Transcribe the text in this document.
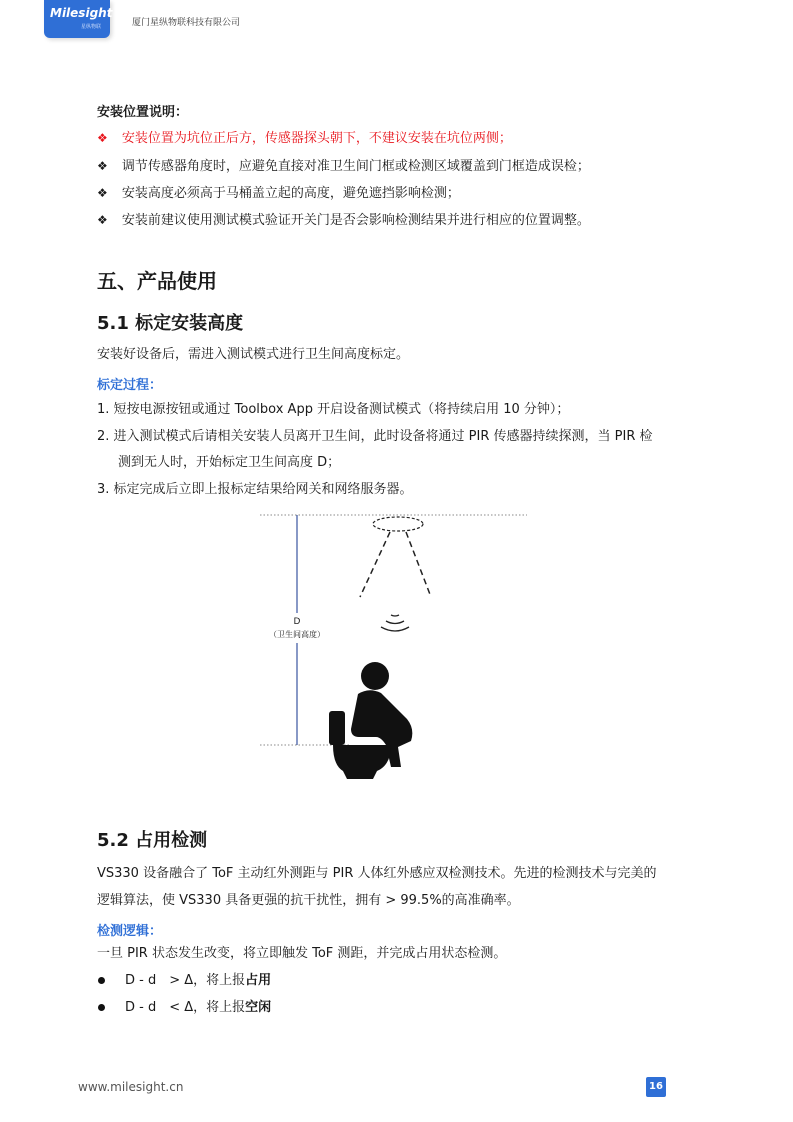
Milesight
星纵物联	厦门星纵物联科技有限公司
安装位置说明：
❖ 安装位置为坑位正后方，传感器探头朝下，不建议安装在坑位两侧；
❖ 调节传感器角度时，应避免直接对准卫生间门框或检测区域覆盖到门框造成误检；
❖ 安装高度必须高于马桶盖立起的高度，避免遮挡影响检测；
❖ 安装前建议使用测试模式验证开关门是否会影响检测结果并进行相应的位置调整。
五、产品使用
5.1 标定安装高度
安装好设备后，需进入测试模式进行卫生间高度标定。
标定过程：
1. 短按电源按钮或通过 Toolbox App 开启设备测试模式（将持续启用 10 分钟）；
2. 进入测试模式后请相关安装人员离开卫生间，此时设备将通过 PIR 传感器持续探测，当 PIR 检
测到无人时，开始标定卫生间高度 D；
3. 标定完成后立即上报标定结果给网关和网络服务器。
D
（卫生间高度）
5.2 占用检测
VS330 设备融合了 ToF 主动红外测距与 PIR 人体红外感应双检测技术。先进的检测技术与完美的
逻辑算法，使 VS330 具备更强的抗干扰性，拥有 > 99.5%的高准确率。
检测逻辑：
一旦 PIR 状态发生改变，将立即触发 ToF 测距，并完成占用状态检测。
D - d　> Δ，将上报占用
D - d　< Δ，将上报空闲
www.milesight.cn	16
